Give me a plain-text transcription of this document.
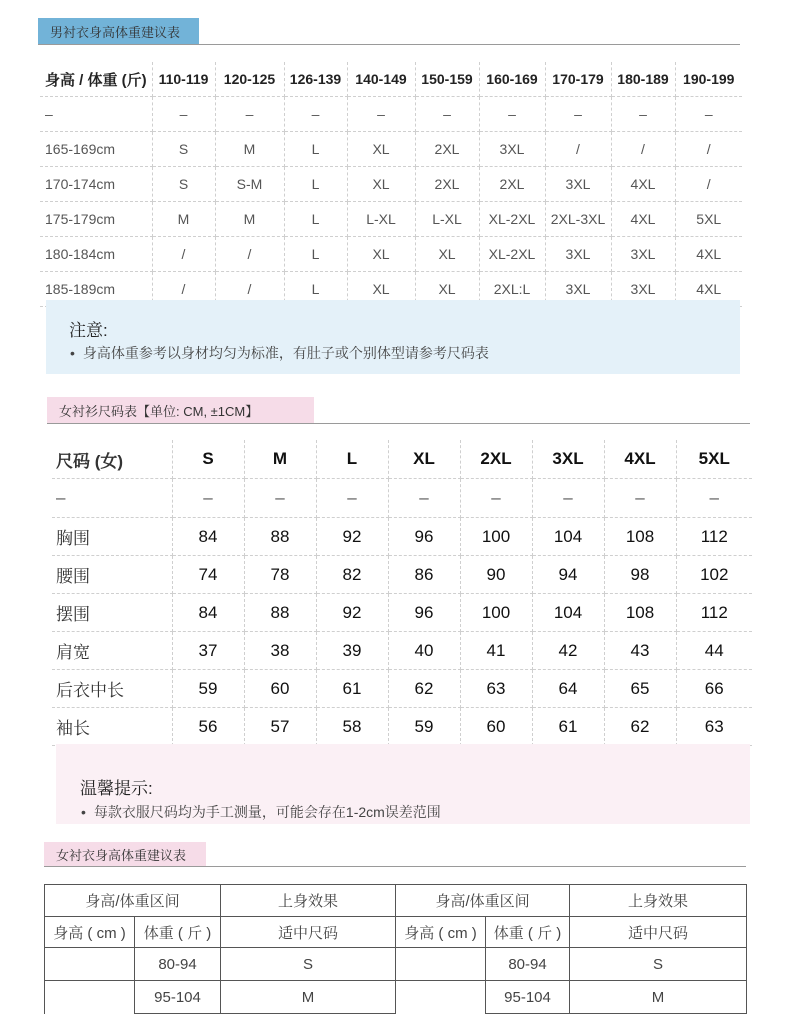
男衬衣身高体重建议表
身高 / 体重 (斤)	110-119	120-125	126-139	140-149	150-159	160-169	170-179	180-189	190-199
–	–	–	–	–	–	–	–	–	–
165-169cm	S	M	L	XL	2XL	3XL	/	/	/
170-174cm	S	S-M	L	XL	2XL	2XL	3XL	4XL	/
175-179cm	M	M	L	L-XL	L-XL	XL-2XL	2XL-3XL	4XL	5XL
180-184cm	/	/	L	XL	XL	XL-2XL	3XL	3XL	4XL
185-189cm	/	/	L	XL	XL	2XL:L	3XL	3XL	4XL
注意:
• 身高体重参考以身材均匀为标准，有肚子或个别体型请参考尺码表
女衬衫尺码表【单位: CM, ±1CM】
尺码 (女)	S	M	L	XL	2XL	3XL	4XL	5XL
–	–	–	–	–	–	–	–	–
胸围	84	88	92	96	100	104	108	112
腰围	74	78	82	86	90	94	98	102
摆围	84	88	92	96	100	104	108	112
肩宽	37	38	39	40	41	42	43	44
后衣中长	59	60	61	62	63	64	65	66
袖长	56	57	58	59	60	61	62	63
温馨提示:
• 每款衣服尺码均为手工测量，可能会存在1-2cm误差范围
女衬衣身高体重建议表
身高/体重区间		上身效果	身高/体重区间		上身效果
身高 ( cm )	体重 ( 斤 )	适中尺码	身高 ( cm )	体重 ( 斤 )	适中尺码
	80-94	S		80-94	S
	95-104	M		95-104	M
